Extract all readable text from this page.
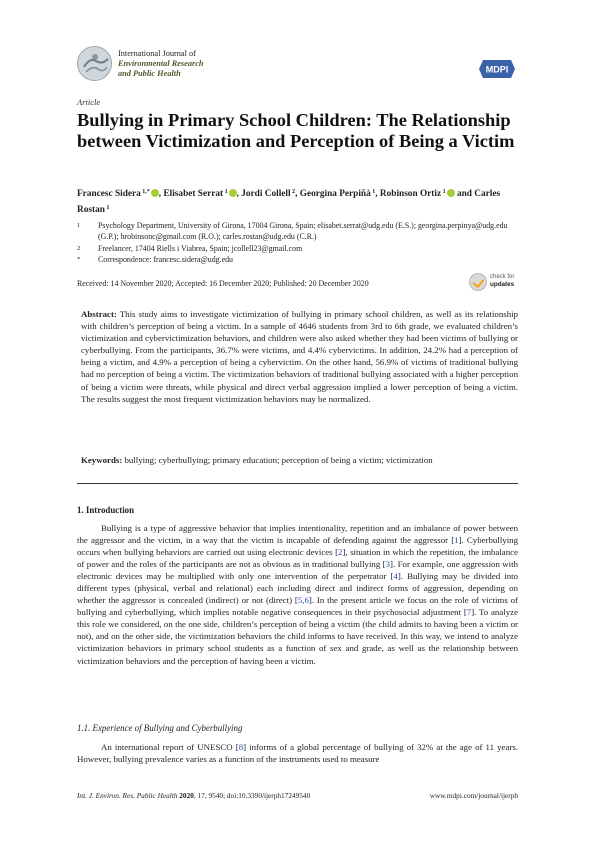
International Journal of
Environmental Research
and Public Health	MDPI
Article
Bullying in Primary School Children: The Relationship between Victimization and Perception of Being a Victim
Francesc Sidera $^{1,*}$ , Elisabet Serrat $^1$ , Jordi Collell $^2$, Georgina Perpiñà $^1$, Robinson Ortiz $^1$ and Carles Rostan $^1$
1	Psychology Department, University of Girona, 17004 Girona, Spain; elisabet.serrat@udg.edu (E.S.); georgina.perpinya@udg.edu (G.P.); hrobinsonc@gmail.com (R.O.); carles.rostan@udg.edu (C.R.)
2	Freelancer, 17404 Riells i Viabrea, Spain; jcollell23@gmail.com
*	Correspondence: francesc.sidera@udg.edu
Received: 14 November 2020; Accepted: 16 December 2020; Published: 20 December 2020
check for
updates
Abstract: This study aims to investigate victimization of bullying in primary school children, as well as its relationship with children’s perception of being a victim. In a sample of 4646 students from 3rd to 6th grade, we evaluated children’s victimization and cybervictimization behaviors, and children were also asked whether they had been victims of bullying or cyberbullying. From the participants, 36.7% were victims, and 4.4% cybervictims. In addition, 24.2% had a perception of being a victim, and 4.9% a perception of being a cybervictim. On the other hand, 56.9% of victims of traditional bullying had no perception of being a victim. The victimization behaviors of traditional bullying associated with a higher perception of being a victim were threats, while physical and direct verbal aggression implied a lower perception of being a victim. The results suggest the most frequent victimization behaviors may be normalized.
Keywords: bullying; cyberbullying; primary education; perception of being a victim; victimization
1. Introduction
Bullying is a type of aggressive behavior that implies intentionality, repetition and an imbalance of power between the aggressor and the victim, in a way that the victim is incapable of defending against the aggressor [1]. Cyberbullying occurs when bullying behaviors are carried out using electronic devices [2], situation in which the repetition, the imbalance of power and the roles of the participants are not as obvious as in traditional bullying [3]. For example, one aggression with electronic devices may be multiplied with only one intervention of the perpetrator [4]. Bullying may be divided into different types (physical, verbal and relational) each including direct and indirect forms of aggression, depending on whether the aggressor is concealed (indirect) or not (direct) [5,6]. In the present article we focus on the role of victims of bullying and cyberbullying, which implies notable negative consequences in their psychosocial adjustment [7]. To analyze this role we considered, on the one side, children’s perception of being a victim (the child admits to having been a victim or not), and on the other side, the victimization behaviors the child informs to have received. In this way, we intend to analyze victimization behaviors in primary school students as a function of sex and grade, as well as the relationship between victimization behaviors and the perception of having been a victim.
1.1. Experience of Bullying and Cyberbullying
An international report of UNESCO [8] informs of a global percentage of bullying of 32% at the age of 11 years. However, bullying prevalence varies as a function of the instruments used to measure
Int. J. Environ. Res. Public Health 2020, 17, 9540; doi:10.3390/ijerph17249540	www.mdpi.com/journal/ijerph
